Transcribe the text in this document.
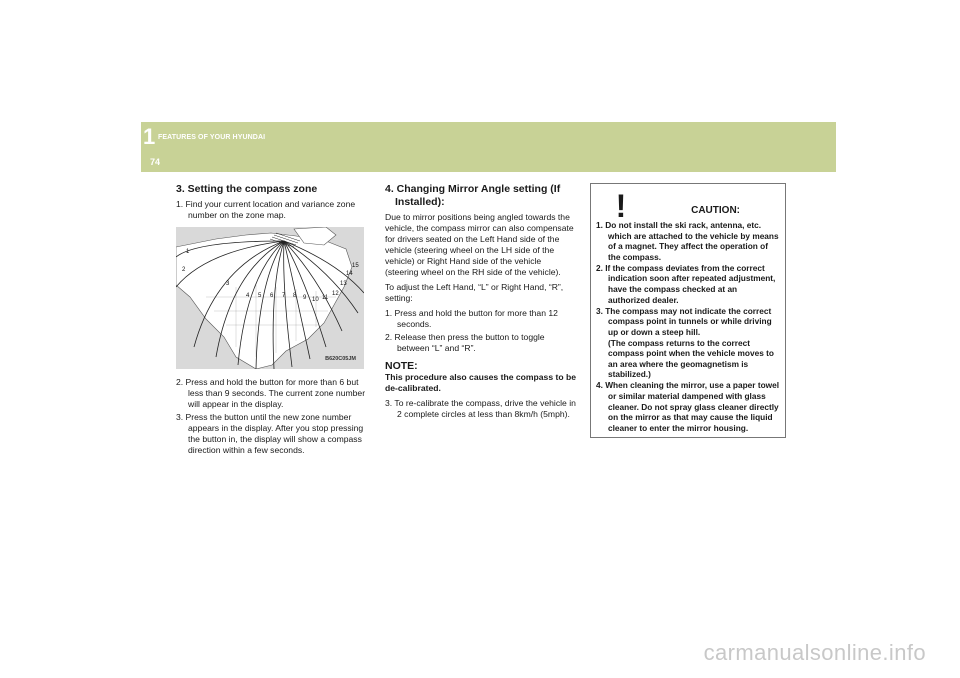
1 FEATURES OF YOUR HYUNDAI
74
3. Setting the compass zone
1. Find your current location and variance zone number on the zone map.
1
2
3
4 5 6 7 8 9 10 11
12
13
14
15
B620C05JM
2. Press and hold the button for more than 6 but less than 9 seconds. The current zone number will appear in the display.
3. Press the button until the new zone number appears in the display. After you stop pressing the button in, the display will show a compass direction within a few seconds.
4. Changing Mirror Angle setting (If Installed):

Due to mirror positions being angled towards the vehicle, the compass mirror can also compensate for drivers seated on the Left Hand side of the vehicle (steering wheel on the LH side of the vehicle) or Right Hand side of the vehicle (steering wheel on the RH side of the vehicle).

To adjust the Left Hand, “L” or Right Hand, “R”, setting:

1. Press and hold the button for more than 12 seconds.
2. Release then press the button to toggle between “L” and “R”.
NOTE:

This procedure also causes the compass to be de-calibrated.

3. To re-calibrate the compass, drive the vehicle in 2 complete circles at less than 8km/h (5mph).
!	CAUTION:
1. Do not install the ski rack, antenna, etc. which are attached to the vehicle by means of a magnet. They affect the operation of the compass.
2. If the compass deviates from the correct indication soon after repeated adjustment, have the compass checked at an authorized dealer.
3. The compass may not indicate the correct compass point in tunnels or while driving up or down a steep hill.
(The compass returns to the correct compass point when the vehicle moves to an area where the geomagnetism is stabilized.)
4. When cleaning the mirror, use a paper towel or similar material dampened with glass cleaner. Do not spray glass cleaner directly on the mirror as that may cause the liquid cleaner to enter the mirror housing.
carmanualsonline.info
